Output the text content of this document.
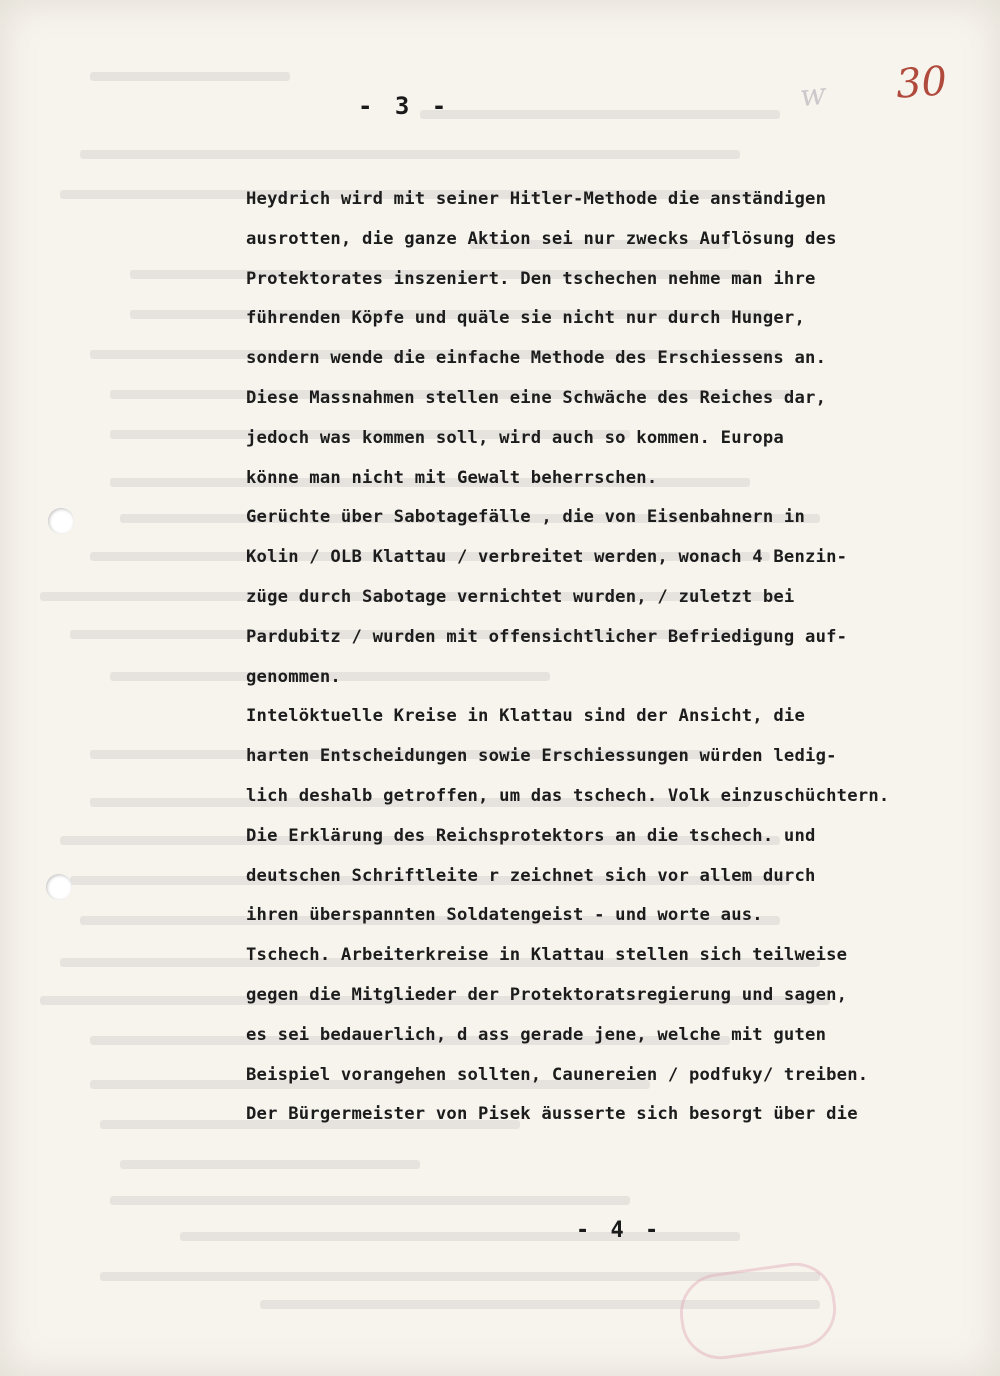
ᴡ 30
- 3 -
Heydrich wird mit seiner Hitler-Methode die anständigen
ausrotten, die ganze Aktion sei nur zwecks Auflösung des
Protektorates inszeniert. Den tschechen nehme man ihre
führenden Köpfe und quäle sie nicht nur durch Hunger,
sondern wende die einfache Methode des Erschiessens an.
Diese Massnahmen stellen eine Schwäche des Reiches dar,
jedoch was kommen soll, wird auch so kommen. Europa
könne man nicht mit Gewalt beherrschen.
Gerüchte über Sabotagefälle , die von Eisenbahnern in
Kolin / OLB Klattau / verbreitet werden, wonach 4 Benzin-
züge durch Sabotage vernichtet wurden, / zuletzt bei
Pardubitz / wurden mit offensichtlicher Befriedigung auf-
genommen.
Intelöktuelle Kreise in Klattau sind der Ansicht, die
harten Entscheidungen sowie Erschiessungen würden ledig-
lich deshalb getroffen, um das tschech. Volk einzuschüchtern.
Die Erklärung des Reichsprotektors an die tschech. und
deutschen Schriftleite r zeichnet sich vor allem durch
ihren überspannten Soldatengeist - und worte aus.
Tschech. Arbeiterkreise in Klattau stellen sich teilweise
gegen die Mitglieder der Protektoratsregierung und sagen,
es sei bedauerlich, d ass gerade jene, welche mit guten
Beispiel vorangehen sollten, Caunereien / podfuky/ treiben.
Der Bürgermeister von Pisek äusserte sich besorgt über die
- 4 -
